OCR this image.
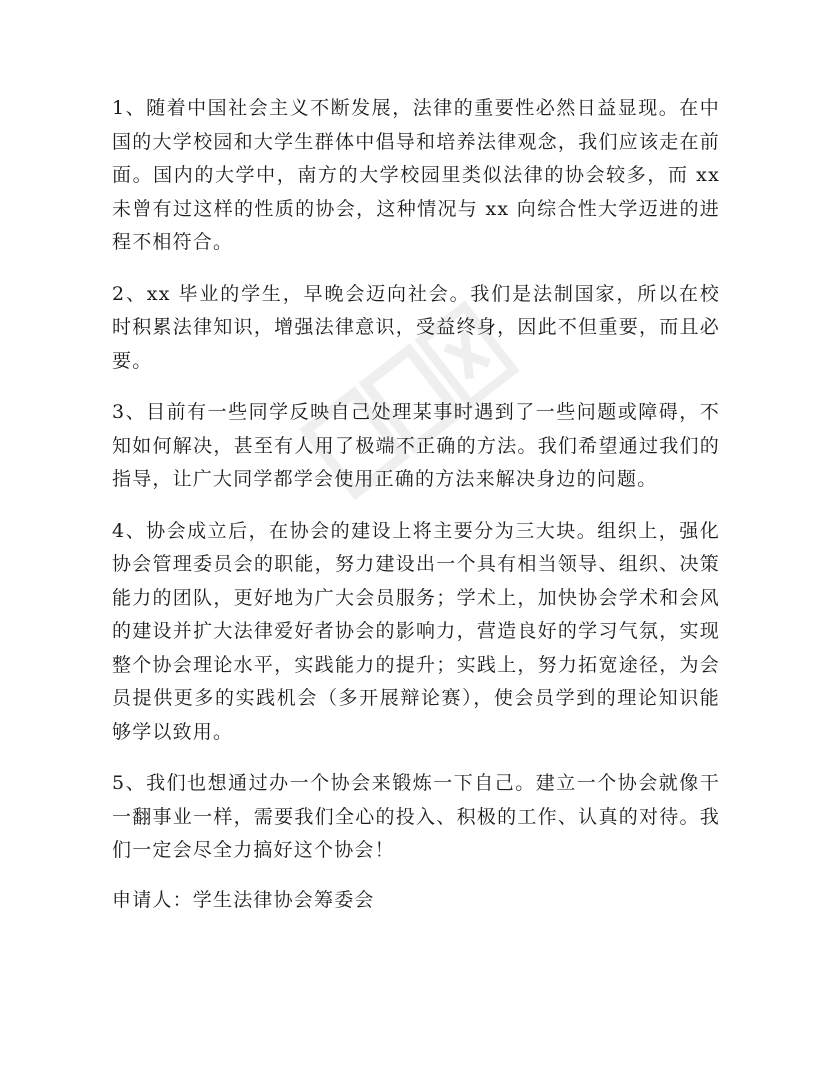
1、随着中国社会主义不断发展，法律的重要性必然日益显现。在中国的大学校园和大学生群体中倡导和培养法律观念，我们应该走在前面。国内的大学中，南方的大学校园里类似法律的协会较多，而 xx 未曾有过这样的性质的协会，这种情况与 xx 向综合性大学迈进的进程不相符合。

2、xx 毕业的学生，早晚会迈向社会。我们是法制国家，所以在校时积累法律知识，增强法律意识，受益终身，因此不但重要，而且必要。

3、目前有一些同学反映自己处理某事时遇到了一些问题或障碍，不知如何解决，甚至有人用了极端不正确的方法。我们希望通过我们的指导，让广大同学都学会使用正确的方法来解决身边的问题。

4、协会成立后，在协会的建设上将主要分为三大块。组织上，强化协会管理委员会的职能，努力建设出一个具有相当领导、组织、决策能力的团队，更好地为广大会员服务；学术上，加快协会学术和会风的建设并扩大法律爱好者协会的影响力，营造良好的学习气氛，实现整个协会理论水平，实践能力的提升；实践上，努力拓宽途径，为会员提供更多的实践机会（多开展辩论赛），使会员学到的理论知识能够学以致用。

5、我们也想通过办一个协会来锻炼一下自己。建立一个协会就像干一翻事业一样，需要我们全心的投入、积极的工作、认真的对待。我们一定会尽全力搞好这个协会！

申请人：学生法律协会筹委会
